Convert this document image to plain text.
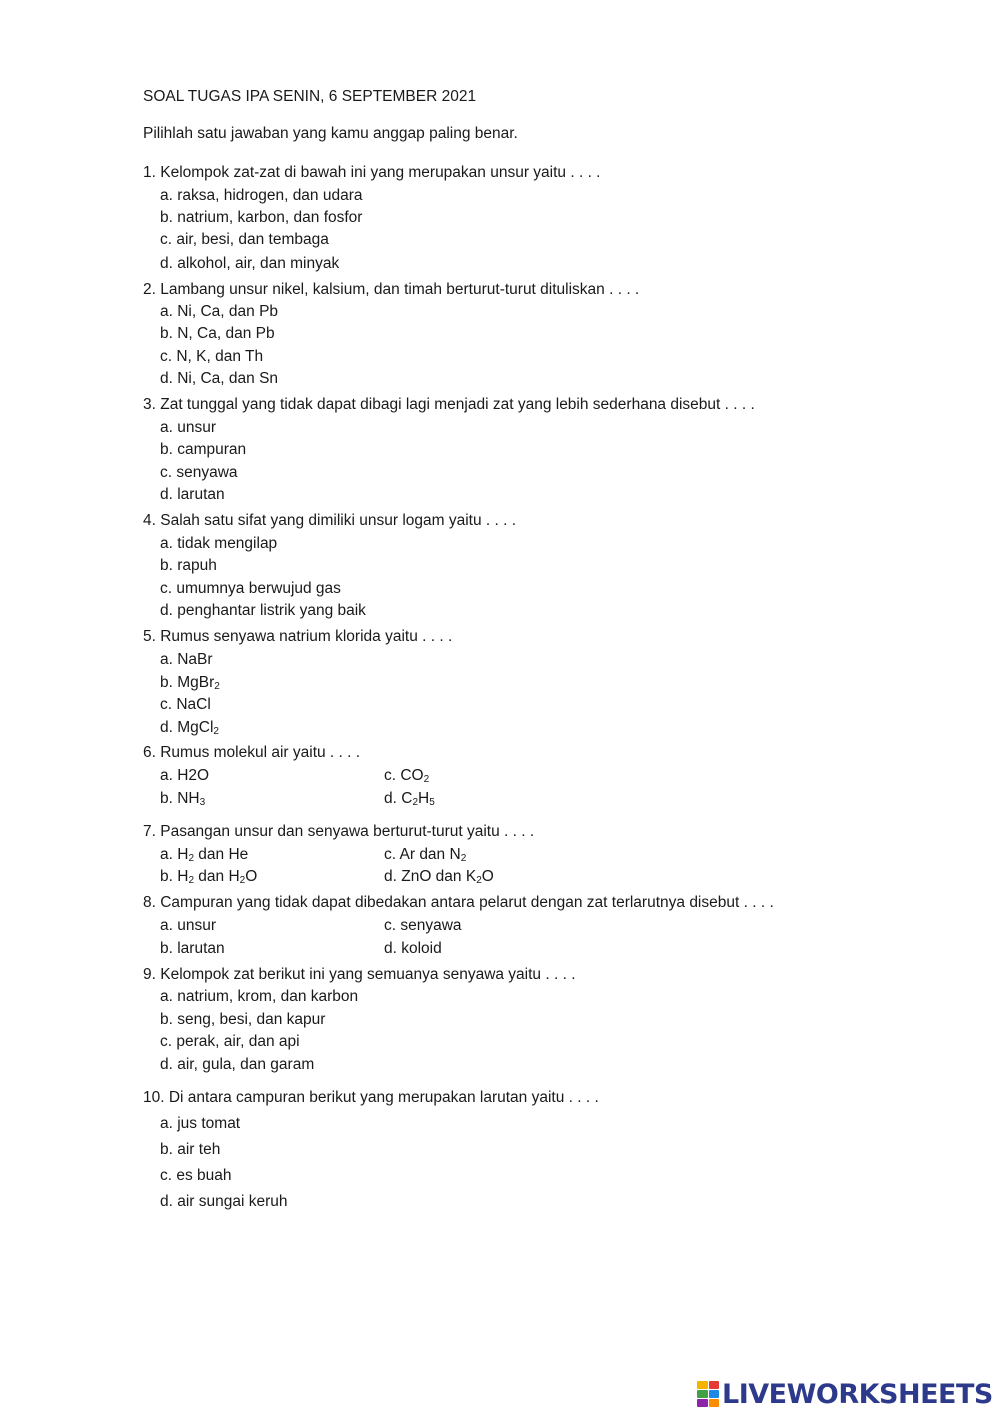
SOAL TUGAS IPA SENIN, 6 SEPTEMBER 2021
Pilihlah satu jawaban yang kamu anggap paling benar.
1. Kelompok zat-zat di bawah ini yang merupakan unsur yaitu . . . .
a. raksa, hidrogen, dan udara
b. natrium, karbon, dan fosfor
c. air, besi, dan tembaga
d. alkohol, air, dan minyak
2. Lambang unsur nikel, kalsium, dan timah berturut-turut dituliskan . . . .
a. Ni, Ca, dan Pb
b. N, Ca, dan Pb
c. N, K, dan Th
d. Ni, Ca, dan Sn
3. Zat tunggal yang tidak dapat dibagi lagi menjadi zat yang lebih sederhana disebut . . . .
a. unsur
b. campuran
c. senyawa
d. larutan
4. Salah satu sifat yang dimiliki unsur logam yaitu . . . .
a. tidak mengilap
b. rapuh
c. umumnya berwujud gas
d. penghantar listrik yang baik
5. Rumus senyawa natrium klorida yaitu . . . .
a. NaBr
b. MgBr$_2$
c. NaCl
d. MgCl$_2$
6. Rumus molekul air yaitu . . . .
a. H2O	c. $CO_2$
b. $NH_3$	d. $C_2H_5$
7. Pasangan unsur dan senyawa berturut-turut yaitu . . . .
a. $H_2$ dan He	c. Ar dan $N_2$
b. $H_2$ dan $H_2O$	d. ZnO dan $K_2O$
8. Campuran yang tidak dapat dibedakan antara pelarut dengan zat terlarutnya disebut . . . .
a. unsur	c. senyawa
b. larutan	d. koloid
9. Kelompok zat berikut ini yang semuanya senyawa yaitu . . . .
a. natrium, krom, dan karbon
b. seng, besi, dan kapur
c. perak, air, dan api
d. air, gula, dan garam
10. Di antara campuran berikut yang merupakan larutan yaitu . . . .
a. jus tomat
b. air teh
c. es buah
d. air sungai keruh
LIVEWORKSHEETS
